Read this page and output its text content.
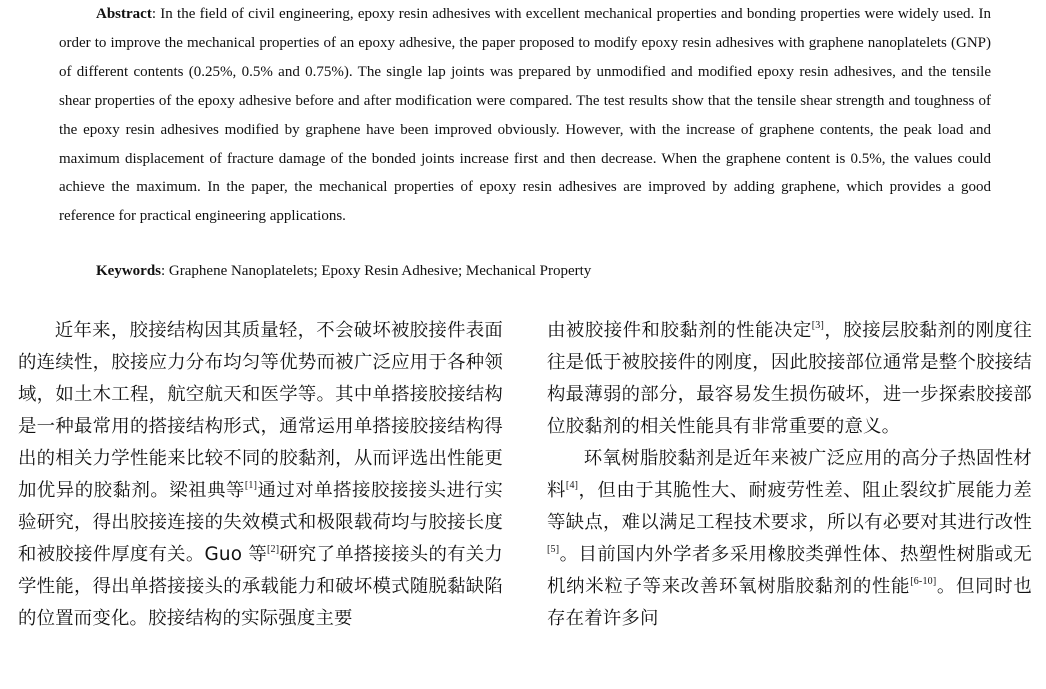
Abstract: In the field of civil engineering, epoxy resin adhesives with excellent mechanical properties and bonding properties were widely used. In order to improve the mechanical properties of an epoxy adhesive, the paper proposed to modify epoxy resin adhesives with graphene nanoplatelets (GNP) of different contents (0.25%, 0.5% and 0.75%). The single lap joints was prepared by unmodified and modified epoxy resin adhesives, and the tensile shear properties of the epoxy adhesive before and after modification were compared. The test results show that the tensile shear strength and toughness of the epoxy resin adhesives modified by graphene have been improved obviously. However, with the increase of graphene contents, the peak load and maximum displacement of fracture damage of the bonded joints increase first and then decrease. When the graphene content is 0.5%, the values could achieve the maximum. In the paper, the mechanical properties of epoxy resin adhesives are improved by adding graphene, which provides a good reference for practical engineering applications.
Keywords: Graphene Nanoplatelets; Epoxy Resin Adhesive; Mechanical Property

近年来，胶接结构因其质量轻，不会破坏被胶接件表面的连续性，胶接应力分布均匀等优势而被广泛应用于各种领域，如土木工程，航空航天和医学等。其中单搭接胶接结构是一种最常用的搭接结构形式，通常运用单搭接胶接结构得出的相关力学性能来比较不同的胶黏剂，从而评选出性能更加优异的胶黏剂。梁祖典等[1]通过对单搭接胶接接头进行实验研究，得出胶接连接的失效模式和极限载荷均与胶接长度和被胶接件厚度有关。Guo 等[2]研究了单搭接接头的有关力学性能，得出单搭接接头的承载能力和破坏模式随脱黏缺陷的位置而变化。胶接结构的实际强度主要

由被胶接件和胶黏剂的性能决定[3]，胶接层胶黏剂的刚度往往是低于被胶接件的刚度，因此胶接部位通常是整个胶接结构最薄弱的部分，最容易发生损伤破坏，进一步探索胶接部位胶黏剂的相关性能具有非常重要的意义。

环氧树脂胶黏剂是近年来被广泛应用的高分子热固性材料[4]，但由于其脆性大、耐疲劳性差、阻止裂纹扩展能力差等缺点，难以满足工程技术要求，所以有必要对其进行改性[5]。目前国内外学者多采用橡胶类弹性体、热塑性树脂或无机纳米粒子等来改善环氧树脂胶黏剂的性能[6-10]。但同时也存在着许多问
